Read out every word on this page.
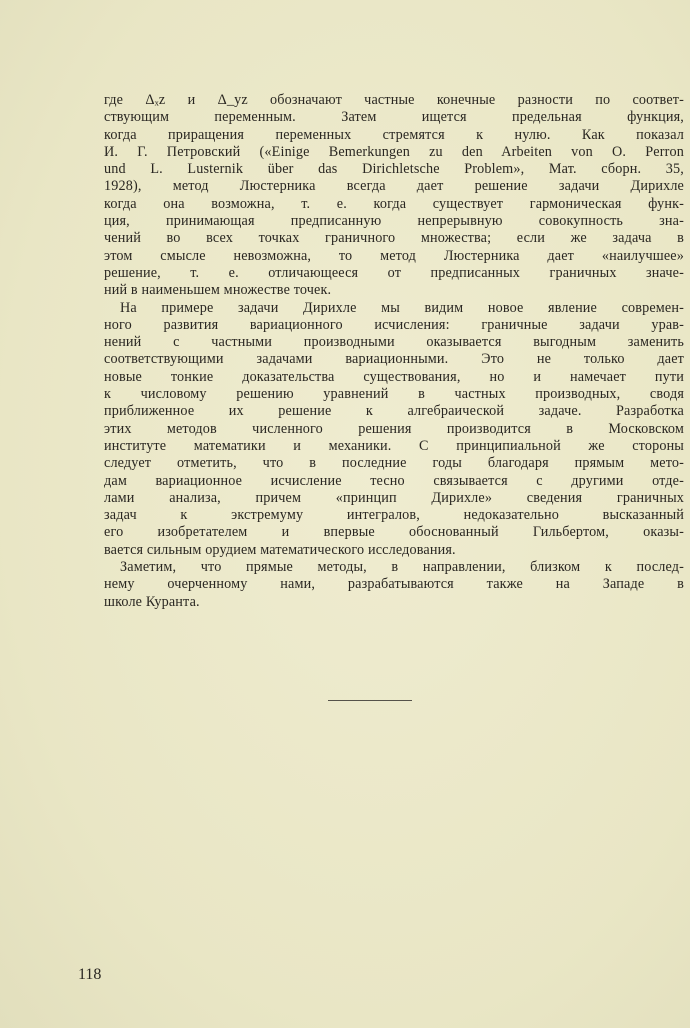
где Δₓz и Δ_yz обозначают частные конечные разности по соответ-
ствующим переменным. Затем ищется предельная функция,
когда приращения переменных стремятся к нулю. Как показал
И. Г. Петровский («Einige Bemerkungen zu den Arbeiten von O. Perron
und L. Lusternik über das Dirichletsche Problem», Мат. сборн. 35,
1928), метод Люстерника всегда дает решение задачи Дирихле
когда она возможна, т. е. когда существует гармоническая функ-
ция, принимающая предписанную непрерывную совокупность зна-
чений во всех точках граничного множества; если же задача в
этом смысле невозможна, то метод Люстерника дает «наилучшее»
решение, т. е. отличающееся от предписанных граничных значе-
ний в наименьшем множестве точек.
На примере задачи Дирихле мы видим новое явление современ-
ного развития вариационного исчисления: граничные задачи урав-
нений с частными производными оказывается выгодным заменить
соответствующими задачами вариационными. Это не только дает
новые тонкие доказательства существования, но и намечает пути
к числовому решению уравнений в частных производных, сводя
приближенное их решение к алгебраической задаче. Разработка
этих методов численного решения производится в Московском
институте математики и механики. С принципиальной же стороны
следует отметить, что в последние годы благодаря прямым мето-
дам вариационное исчисление тесно связывается с другими отде-
лами анализа, причем «принцип Дирихле» сведения граничных
задач к экстремуму интегралов, недоказательно высказанный
его изобретателем и впервые обоснованный Гильбертом, оказы-
вается сильным орудием математического исследования.
Заметим, что прямые методы, в направлении, близком к послед-
нему очерченному нами, разрабатываются также на Западе в
школе Куранта.
118
